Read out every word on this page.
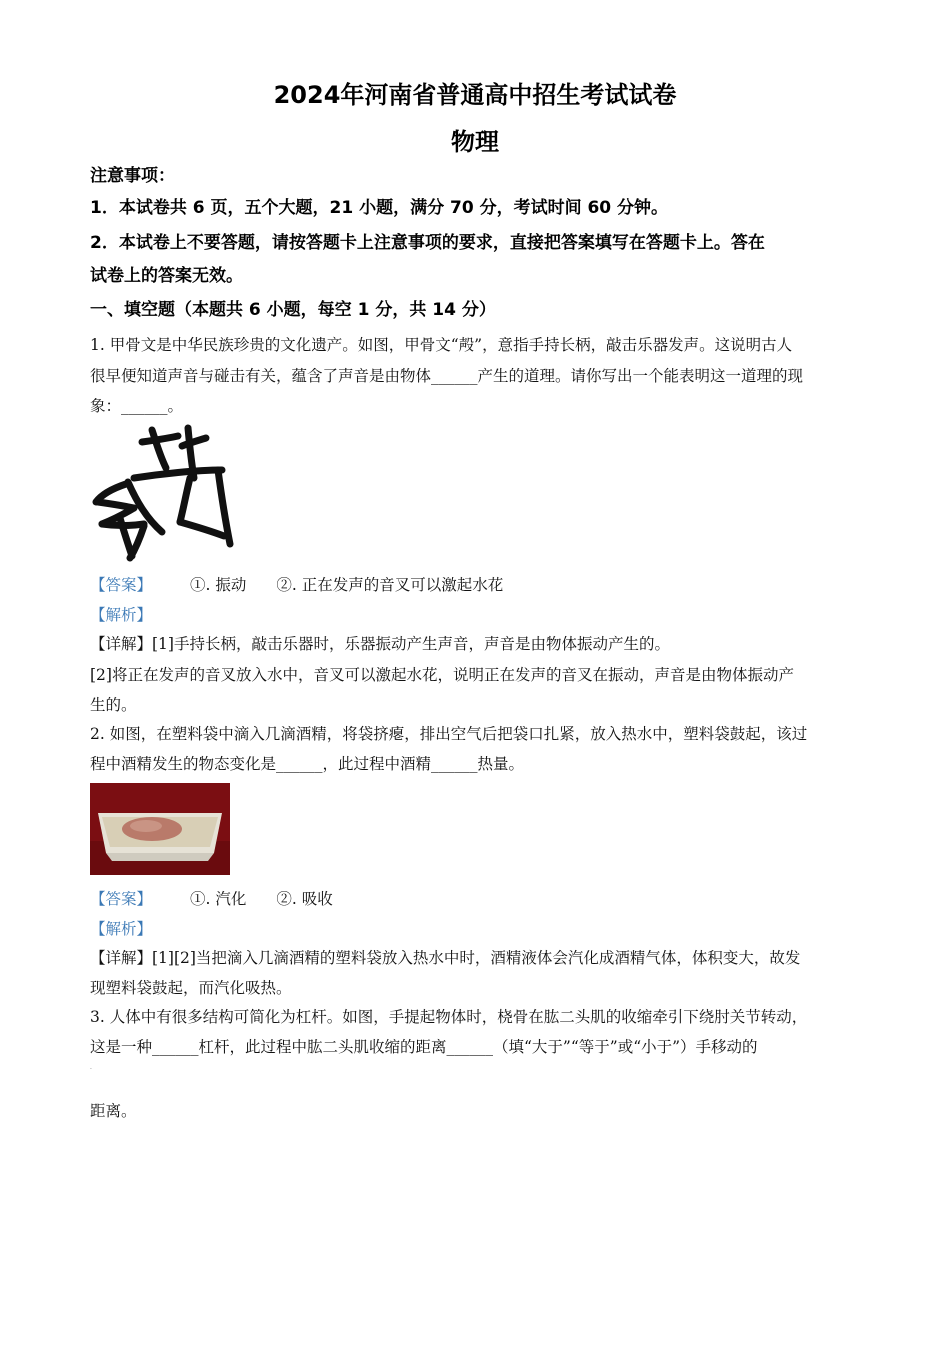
2024年河南省普通高中招生考试试卷
物理
注意事项：
1．本试卷共 6 页，五个大题，21 小题，满分 70 分，考试时间 60 分钟。
2．本试卷上不要答题，请按答题卡上注意事项的要求，直接把答案填写在答题卡上。答在
试卷上的答案无效。
一、填空题（本题共 6 小题，每空 1 分，共 14 分）
1. 甲骨文是中华民族珍贵的文化遗产。如图，甲骨文“殸”，意指手持长柄，敲击乐器发声。这说明古人
很早便知道声音与碰击有关，蕴含了声音是由物体______产生的道理。请你写出一个能表明这一道理的现
象：______。
【答案】 ①. 振动 ②. 正在发声的音叉可以激起水花
【解析】
【详解】[1]手持长柄，敲击乐器时，乐器振动产生声音，声音是由物体振动产生的。
[2]将正在发声的音叉放入水中，音叉可以激起水花，说明正在发声的音叉在振动，声音是由物体振动产
生的。
2. 如图，在塑料袋中滴入几滴酒精，将袋挤瘪，排出空气后把袋口扎紧，放入热水中，塑料袋鼓起，该过
程中酒精发生的物态变化是______，此过程中酒精______热量。
【答案】 ①. 汽化 ②. 吸收
【解析】
【详解】[1][2]当把滴入几滴酒精的塑料袋放入热水中时，酒精液体会汽化成酒精气体，体积变大，故发
现塑料袋鼓起，而汽化吸热。
3. 人体中有很多结构可简化为杠杆。如图，手提起物体时，桡骨在肱二头肌的收缩牵引下绕肘关节转动，
这是一种______杠杆，此过程中肱二头肌收缩的距离______（填“大于”“等于”或“小于”）手移动的
·
距离。
